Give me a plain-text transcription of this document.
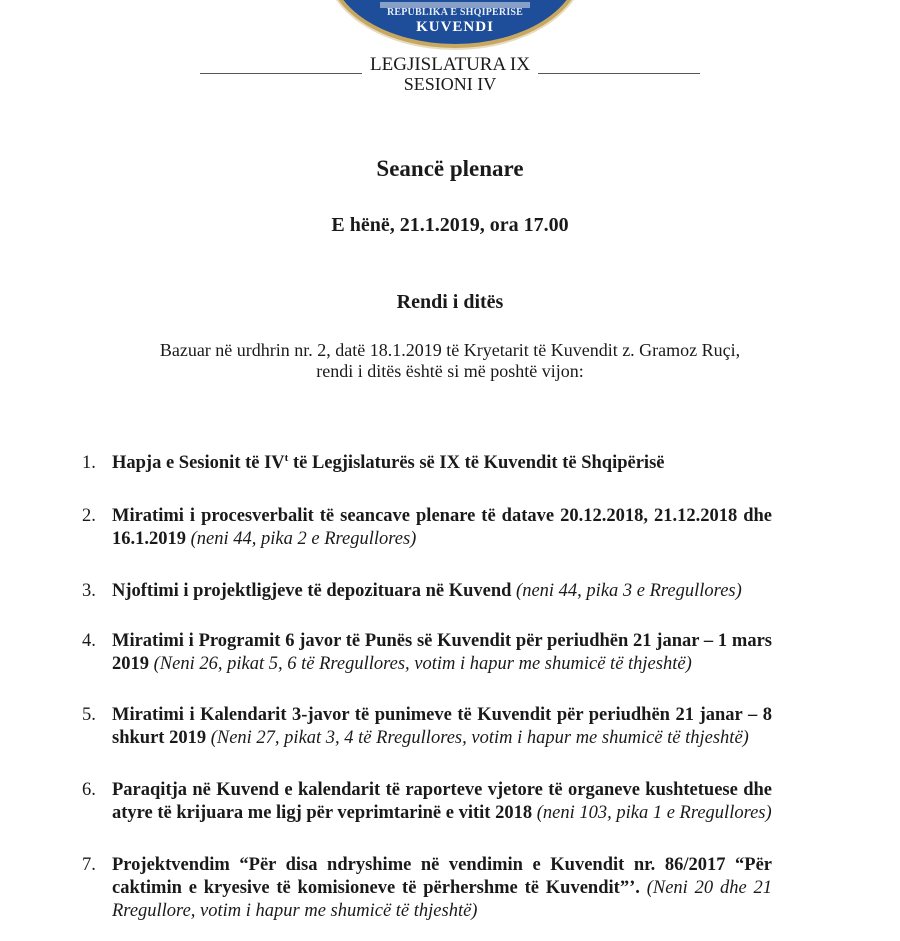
REPUBLIKA E SHQIPERISE
KUVENDI
LEGJISLATURA IX
SESIONI IV
Seancë plenare
E hënë, 21.1.2019, ora 17.00
Rendi i ditës
Bazuar në urdhrin nr. 2, datë 18.1.2019 të Kryetarit të Kuvendit z. Gramoz Ruçi,
rendi i ditës është si më poshtë vijon:
1. Hapja e Sesionit të $IV^t$ të Legjislaturës së IX të Kuvendit të Shqipërisë
2. Miratimi i procesverbalit të seancave plenare të datave 20.12.2018, 21.12.2018 dhe 16.1.2019 (neni 44, pika 2 e Rregullores)
3. Njoftimi i projektligjeve të depozituara në Kuvend (neni 44, pika 3 e Rregullores)
4. Miratimi i Programit 6 javor të Punës së Kuvendit për periudhën 21 janar – 1 mars 2019 (Neni 26, pikat 5, 6 të Rregullores, votim i hapur me shumicë të thjeshtë)
5. Miratimi i Kalendarit 3-javor të punimeve të Kuvendit për periudhën 21 janar – 8 shkurt 2019 (Neni 27, pikat 3, 4 të Rregullores, votim i hapur me shumicë të thjeshtë)
6. Paraqitja në Kuvend e kalendarit të raporteve vjetore të organeve kushtetuese dhe atyre të krijuara me ligj për veprimtarinë e vitit 2018 (neni 103, pika 1 e Rregullores)
7. Projektvendim “Për disa ndryshime në vendimin e Kuvendit nr. 86/2017 “Për caktimin e kryesive të komisioneve të përhershme të Kuvendit”’. (Neni 20 dhe 21 Rregullore, votim i hapur me shumicë të thjeshtë)
